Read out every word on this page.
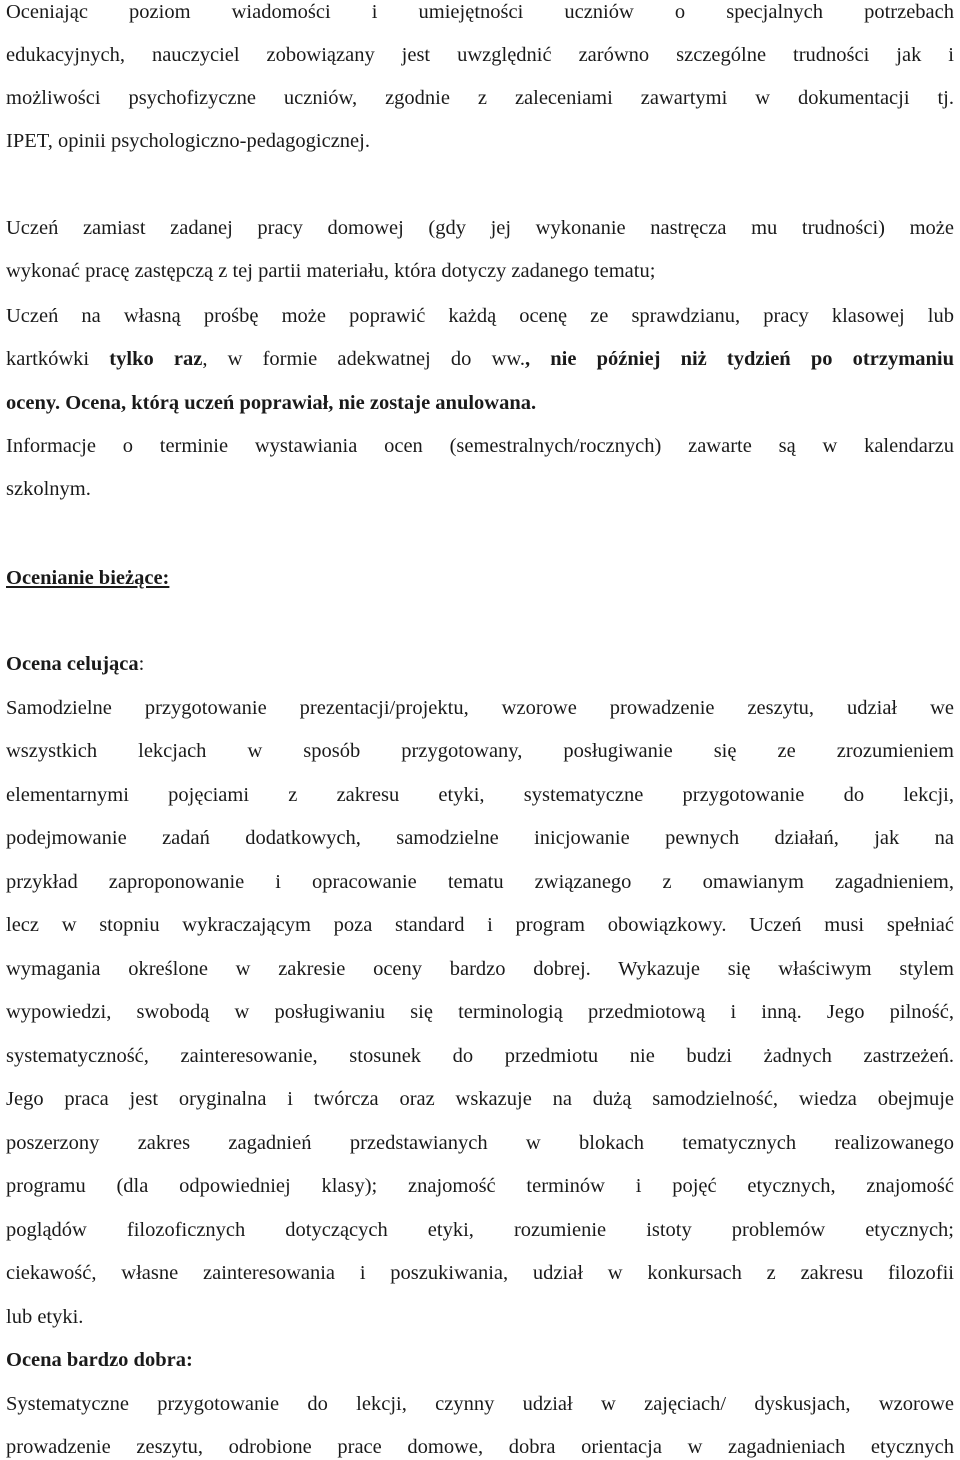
Oceniając poziom wiadomości i umiejętności uczniów o specjalnych potrzebach
edukacyjnych, nauczyciel zobowiązany jest uwzględnić zarówno szczególne trudności jak i
możliwości psychofizyczne uczniów, zgodnie z zaleceniami zawartymi w dokumentacji tj.
IPET, opinii psychologiczno-pedagogicznej.
Uczeń zamiast zadanej pracy domowej (gdy jej wykonanie nastręcza mu trudności) może
wykonać pracę zastępczą z tej partii materiału, która dotyczy zadanego tematu;
Uczeń na własną prośbę może poprawić każdą ocenę ze sprawdzianu, pracy klasowej lub
kartkówki tylko raz, w formie adekwatnej do ww., nie później niż tydzień po otrzymaniu
oceny. Ocena, którą uczeń poprawiał, nie zostaje anulowana.
Informacje o terminie wystawiania ocen (semestralnych/rocznych) zawarte są w kalendarzu
szkolnym.
Ocenianie bieżące:
Ocena celująca:
Samodzielne przygotowanie prezentacji/projektu, wzorowe prowadzenie zeszytu, udział we
wszystkich lekcjach w sposób przygotowany, posługiwanie się ze zrozumieniem
elementarnymi pojęciami z zakresu etyki, systematyczne przygotowanie do lekcji,
podejmowanie zadań dodatkowych, samodzielne inicjowanie pewnych działań, jak na
przykład zaproponowanie i opracowanie tematu związanego z omawianym zagadnieniem,
lecz w stopniu wykraczającym poza standard i program obowiązkowy. Uczeń musi spełniać
wymagania określone w zakresie oceny bardzo dobrej. Wykazuje się właściwym stylem
wypowiedzi, swobodą w posługiwaniu się terminologią przedmiotową i inną. Jego pilność,
systematyczność, zainteresowanie, stosunek do przedmiotu nie budzi żadnych zastrzeżeń.
Jego praca jest oryginalna i twórcza oraz wskazuje na dużą samodzielność, wiedza obejmuje
poszerzony zakres zagadnień przedstawianych w blokach tematycznych realizowanego
programu (dla odpowiedniej klasy); znajomość terminów i pojęć etycznych, znajomość
poglądów filozoficznych dotyczących etyki, rozumienie istoty problemów etycznych;
ciekawość, własne zainteresowania i poszukiwania, udział w konkursach z zakresu filozofii
lub etyki.
Ocena bardzo dobra:
Systematyczne przygotowanie do lekcji, czynny udział w zajęciach/ dyskusjach, wzorowe
prowadzenie zeszytu, odrobione prace domowe, dobra orientacja w zagadnieniach etycznych
